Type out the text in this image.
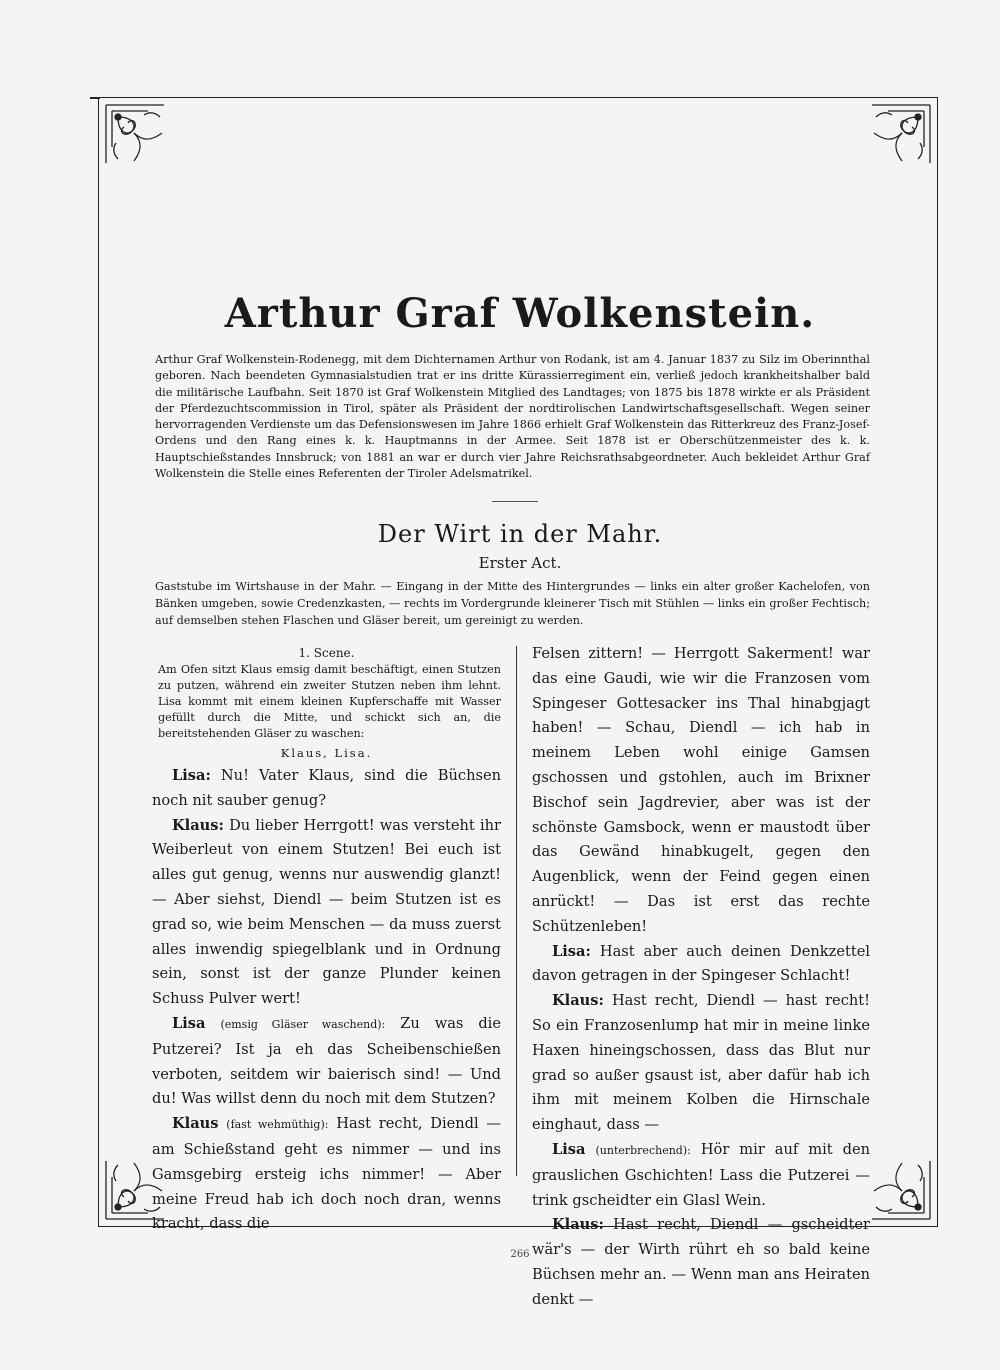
Arthur Graf Wolkenstein.

Arthur Graf Wolkenstein-Rodenegg, mit dem Dichternamen Arthur von Rodank, ist am 4. Januar 1837 zu Silz im Oberinnthal geboren. Nach beendeten Gymnasialstudien trat er ins dritte Kürassierregiment ein, verließ jedoch krankheitshalber bald die militärische Laufbahn. Seit 1870 ist Graf Wolkenstein Mitglied des Landtages; von 1875 bis 1878 wirkte er als Präsident der Pferdezuchtscommission in Tirol, später als Präsident der nordtirolischen Landwirtschaftsgesellschaft. Wegen seiner hervorragenden Verdienste um das Defensionswesen im Jahre 1866 erhielt Graf Wolkenstein das Ritterkreuz des Franz-Josef-Ordens und den Rang eines k. k. Hauptmanns in der Armee. Seit 1878 ist er Oberschützenmeister des k. k. Hauptschießstandes Innsbruck; von 1881 an war er durch vier Jahre Reichsrathsabgeordneter. Auch bekleidet Arthur Graf Wolkenstein die Stelle eines Referenten der Tiroler Adelsmatrikel.

Der Wirt in der Mahr.
Erster Act.

Gaststube im Wirtshause in der Mahr. — Eingang in der Mitte des Hintergrundes — links ein alter großer Kachelofen, von Bänken umgeben, sowie Credenzkasten, — rechts im Vordergrunde kleinerer Tisch mit Stühlen — links ein großer Fechtisch; auf demselben stehen Flaschen und Gläser bereit, um gereinigt zu werden.

1. Scene.

Am Ofen sitzt Klaus emsig damit beschäftigt, einen Stutzen zu putzen, während ein zweiter Stutzen neben ihm lehnt. Lisa kommt mit einem kleinen Kupferschaffe mit Wasser gefüllt durch die Mitte, und schickt sich an, die bereitstehenden Gläser zu waschen:

Klaus, Lisa.

Lisa: Nu! Vater Klaus, sind die Büchsen noch nit sauber genug?

Klaus: Du lieber Herrgott! was versteht ihr Weiberleut von einem Stutzen! Bei euch ist alles gut genug, wenns nur auswendig glanzt! — Aber siehst, Diendl — beim Stutzen ist es grad so, wie beim Menschen — da muss zuerst alles inwendig spiegelblank und in Ordnung sein, sonst ist der ganze Plunder keinen Schuss Pulver wert!

Lisa (emsig Gläser waschend): Zu was die Putzerei? Ist ja eh das Scheibenschießen verboten, seitdem wir baierisch sind! — Und du! Was willst denn du noch mit dem Stutzen?

Klaus (fast wehmüthig): Hast recht, Diendl — am Schießstand geht es nimmer — und ins Gamsgebirg ersteig ichs nimmer! — Aber meine Freud hab ich doch noch dran, wenns kracht, dass die

Felsen zittern! — Herrgott Sakerment! war das eine Gaudi, wie wir die Franzosen vom Spingeser Gottesacker ins Thal hinabgjagt haben! — Schau, Diendl — ich hab in meinem Leben wohl einige Gamsen gschossen und gstohlen, auch im Brixner Bischof sein Jagdrevier, aber was ist der schönste Gamsbock, wenn er maustodt über das Gewänd hinabkugelt, gegen den Augenblick, wenn der Feind gegen einen anrückt! — Das ist erst das rechte Schützenleben!

Lisa: Hast aber auch deinen Denkzettel davon getragen in der Spingeser Schlacht!

Klaus: Hast recht, Diendl — hast recht! So ein Franzosenlump hat mir in meine linke Haxen hineingschossen, dass das Blut nur grad so außer gsaust ist, aber dafür hab ich ihm mit meinem Kolben die Hirnschale einghaut, dass —

Lisa (unterbrechend): Hör mir auf mit den grauslichen Gschichten! Lass die Putzerei — trink gscheidter ein Glasl Wein.

Klaus: Hast recht, Diendl — gscheidter wär's — der Wirth rührt eh so bald keine Büchsen mehr an. — Wenn man ans Heiraten denkt —

266
